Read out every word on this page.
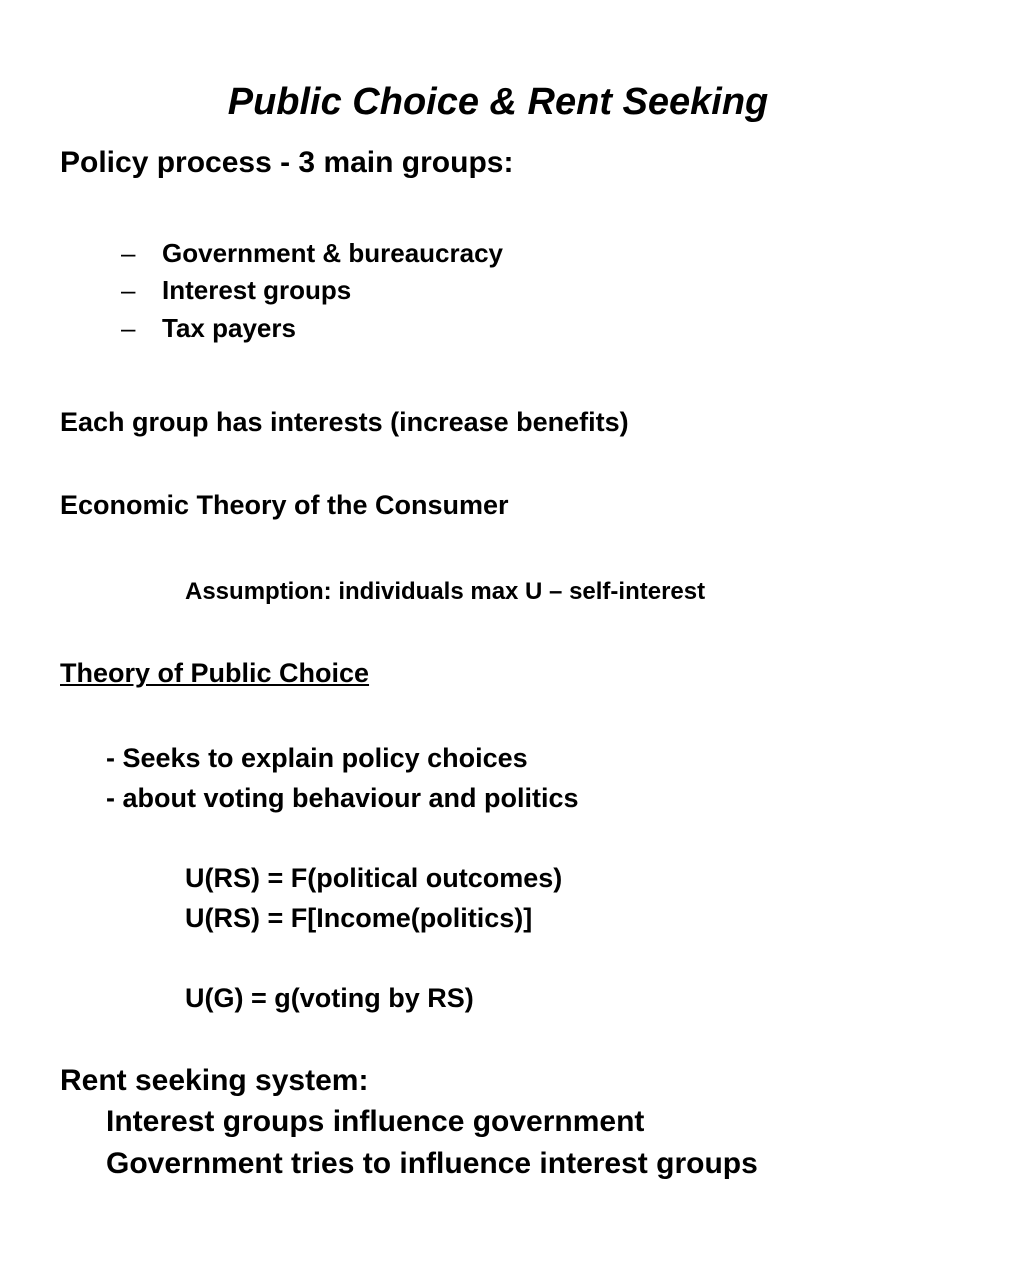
Public Choice & Rent Seeking
Policy process - 3 main groups:
– Government & bureaucracy
– Interest groups
– Tax payers
Each group has interests (increase benefits)
Economic Theory of the Consumer
Assumption: individuals max U – self-interest
Theory of Public Choice
- Seeks to explain policy choices
- about voting behaviour and politics
U(RS) = F(political outcomes)
U(RS) = F[Income(politics)]
U(G) = g(voting by RS)
Rent seeking system:
Interest groups influence government
Government tries to influence interest groups
